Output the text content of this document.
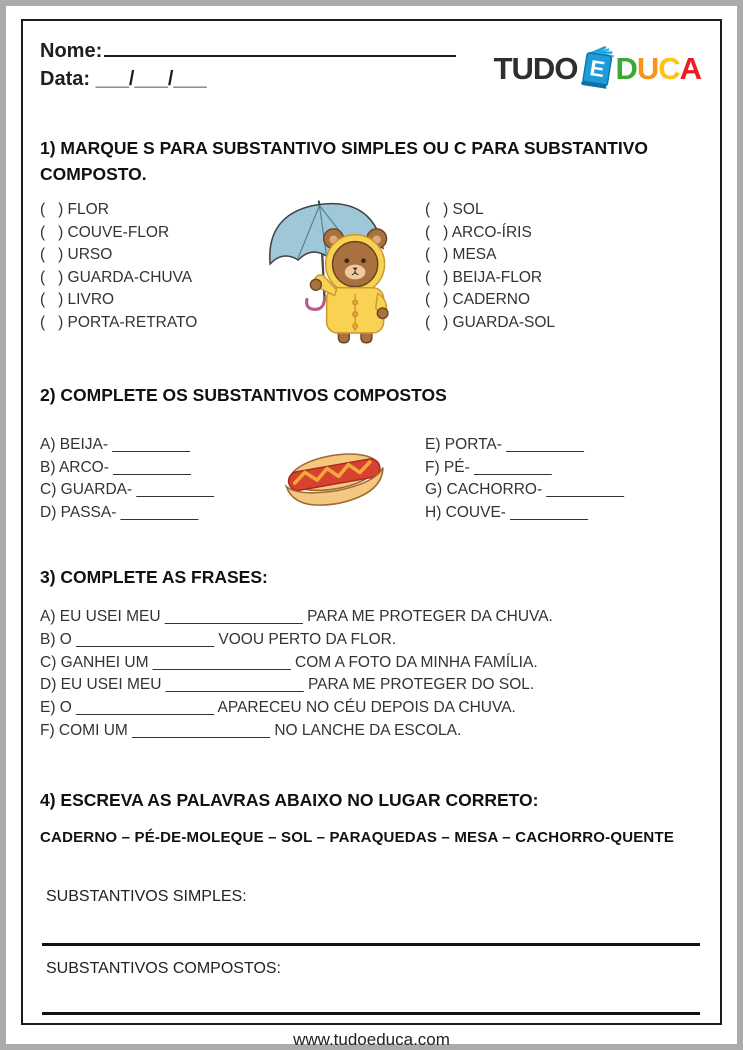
Nome:
Data: ___/___/___	TUDO E DUCA
1) MARQUE S PARA SUBSTANTIVO SIMPLES OU C PARA SUBSTANTIVO COMPOSTO.
(   ) FLOR
(   ) COUVE-FLOR
(   ) URSO
(   ) GUARDA-CHUVA
(   ) LIVRO
(   ) PORTA-RETRATO
(   ) SOL
(   ) ARCO-ÍRIS
(   ) MESA
(   ) BEIJA-FLOR
(   ) CADERNO
(   ) GUARDA-SOL
2) COMPLETE OS SUBSTANTIVOS COMPOSTOS
A) BEIJA- _________
B) ARCO- _________
C) GUARDA- _________
D) PASSA- _________
E) PORTA- _________
F) PÉ- _________
G) CACHORRO- _________
H) COUVE- _________
3) COMPLETE AS FRASES:
A) EU USEI MEU ________________ PARA ME PROTEGER DA CHUVA.
B) O ________________ VOOU PERTO DA FLOR.
C) GANHEI UM ________________ COM A FOTO DA MINHA FAMÍLIA.
D) EU USEI MEU ________________ PARA ME PROTEGER DO SOL.
E) O ________________ APARECEU NO CÉU DEPOIS DA CHUVA.
F) COMI UM ________________ NO LANCHE DA ESCOLA.
4) ESCREVA AS PALAVRAS ABAIXO NO LUGAR CORRETO:
CADERNO – PÉ-DE-MOLEQUE – SOL – PARAQUEDAS – MESA – CACHORRO-QUENTE
SUBSTANTIVOS SIMPLES:
SUBSTANTIVOS COMPOSTOS:
www.tudoeduca.com
